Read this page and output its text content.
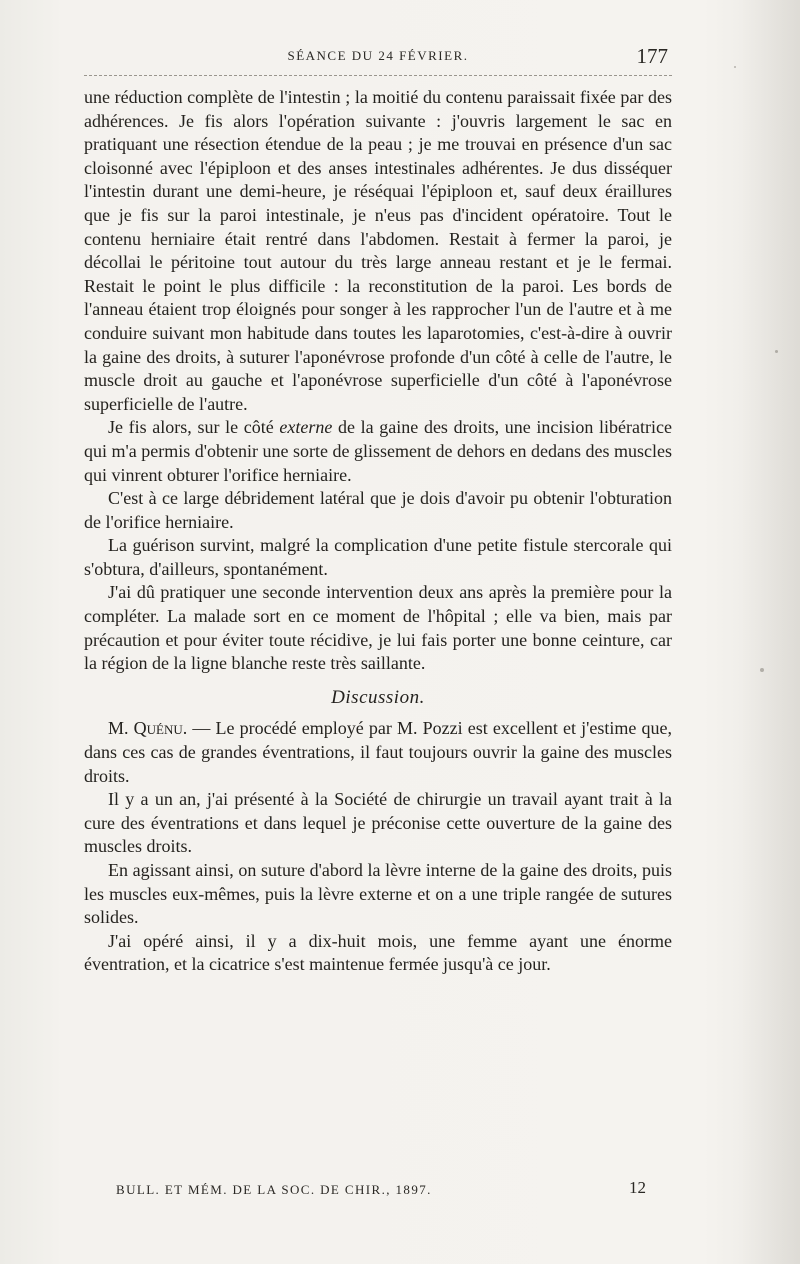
SÉANCE DU 24 FÉVRIER.	177

une réduction complète de l'intestin ; la moitié du contenu paraissait fixée par des adhérences. Je fis alors l'opération suivante : j'ouvris largement le sac en pratiquant une résection étendue de la peau ; je me trouvai en présence d'un sac cloisonné avec l'épiploon et des anses intestinales adhérentes. Je dus disséquer l'intestin durant une demi-heure, je réséquai l'épiploon et, sauf deux éraillures que je fis sur la paroi intestinale, je n'eus pas d'incident opératoire. Tout le contenu herniaire était rentré dans l'abdomen. Restait à fermer la paroi, je décollai le péritoine tout autour du très large anneau restant et je le fermai. Restait le point le plus difficile : la reconstitution de la paroi. Les bords de l'anneau étaient trop éloignés pour songer à les rapprocher l'un de l'autre et à me conduire suivant mon habitude dans toutes les laparotomies, c'est-à-dire à ouvrir la gaine des droits, à suturer l'aponévrose profonde d'un côté à celle de l'autre, le muscle droit au gauche et l'aponévrose superficielle d'un côté à l'aponévrose superficielle de l'autre.

Je fis alors, sur le côté externe de la gaine des droits, une incision libératrice qui m'a permis d'obtenir une sorte de glissement de dehors en dedans des muscles qui vinrent obturer l'orifice herniaire.

C'est à ce large débridement latéral que je dois d'avoir pu obtenir l'obturation de l'orifice herniaire.

La guérison survint, malgré la complication d'une petite fistule stercorale qui s'obtura, d'ailleurs, spontanément.

J'ai dû pratiquer une seconde intervention deux ans après la première pour la compléter. La malade sort en ce moment de l'hôpital ; elle va bien, mais par précaution et pour éviter toute récidive, je lui fais porter une bonne ceinture, car la région de la ligne blanche reste très saillante.

Discussion.

M. Quénu. — Le procédé employé par M. Pozzi est excellent et j'estime que, dans ces cas de grandes éventrations, il faut toujours ouvrir la gaine des muscles droits.

Il y a un an, j'ai présenté à la Société de chirurgie un travail ayant trait à la cure des éventrations et dans lequel je préconise cette ouverture de la gaine des muscles droits.

En agissant ainsi, on suture d'abord la lèvre interne de la gaine des droits, puis les muscles eux-mêmes, puis la lèvre externe et on a une triple rangée de sutures solides.

J'ai opéré ainsi, il y a dix-huit mois, une femme ayant une énorme éventration, et la cicatrice s'est maintenue fermée jusqu'à ce jour.

BULL. ET MÉM. DE LA SOC. DE CHIR., 1897.	12
